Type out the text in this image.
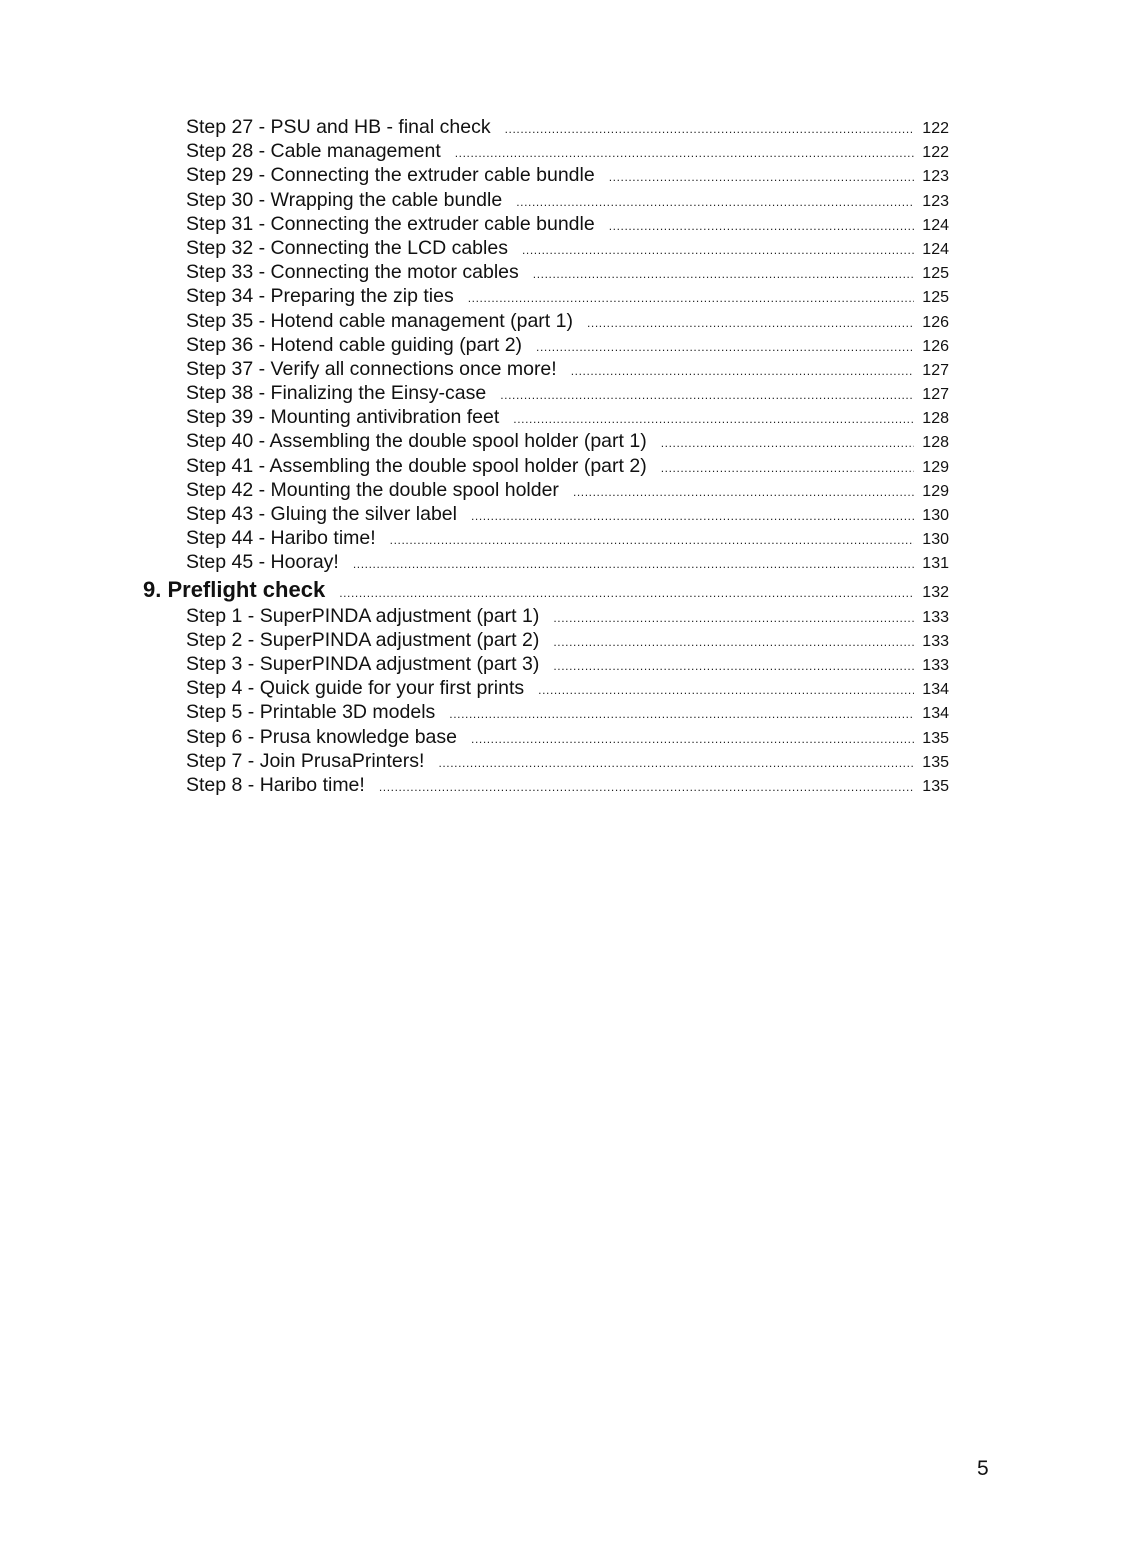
Step 27 - PSU and HB - final check .....	122
Step 28 - Cable management .....	122
Step 29 - Connecting the extruder cable bundle .....	123
Step 30 - Wrapping the cable bundle .....	123
Step 31 - Connecting the extruder cable bundle .....	124
Step 32 - Connecting the LCD cables .....	124
Step 33 - Connecting the motor cables .....	125
Step 34 - Preparing the zip ties .....	125
Step 35 - Hotend cable management (part 1) .....	126
Step 36 - Hotend cable guiding (part 2) .....	126
Step 37 - Verify all connections once more! .....	127
Step 38 - Finalizing the Einsy-case .....	127
Step 39 - Mounting antivibration feet .....	128
Step 40 - Assembling the double spool holder (part 1) .....	128
Step 41 - Assembling the double spool holder (part 2) .....	129
Step 42 - Mounting the double spool holder .....	129
Step 43 - Gluing the silver label .....	130
Step 44 - Haribo time! .....	130
Step 45 - Hooray! .....	131
9. Preflight check .....	132
Step 1 - SuperPINDA adjustment (part 1) .....	133
Step 2 - SuperPINDA adjustment (part 2) .....	133
Step 3 - SuperPINDA adjustment (part 3) .....	133
Step 4 - Quick guide for your first prints .....	134
Step 5 - Printable 3D models .....	134
Step 6 - Prusa knowledge base .....	135
Step 7 - Join PrusaPrinters! .....	135
Step 8 - Haribo time! .....	135
5
